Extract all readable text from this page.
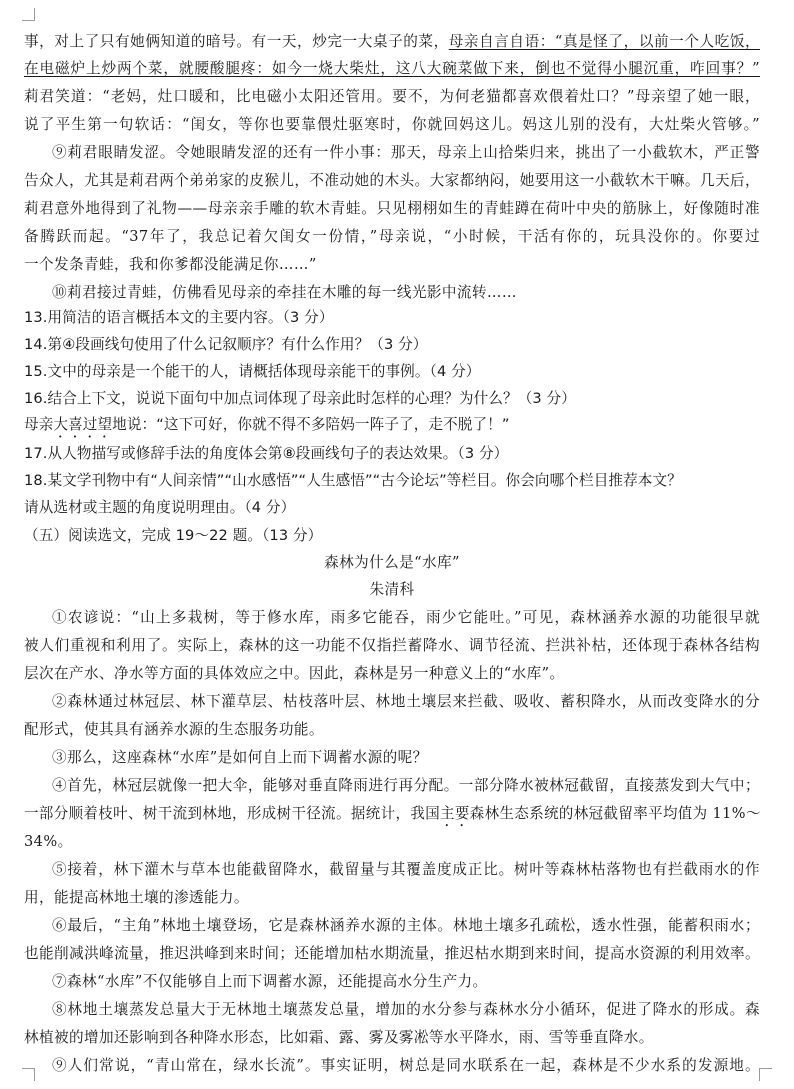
事，对上了只有她俩知道的暗号。有一天，炒完一大桌子的菜，母亲自言自语：“真是怪了，以前一个人吃饭，
在电磁炉上炒两个菜，就腰酸腿疼：如今一烧大柴灶，这八大碗菜做下来，倒也不觉得小腿沉重，咋回事？”
莉君笑道：“老妈，灶口暖和，比电磁小太阳还管用。要不，为何老猫都喜欢偎着灶口？”母亲望了她一眼，
说了平生第一句软话：“闺女，等你也要靠偎灶驱寒时，你就回妈这儿。妈这儿别的没有，大灶柴火管够。”
⑨莉君眼睛发涩。令她眼睛发涩的还有一件小事：那天，母亲上山拾柴归来，挑出了一小截软木，严正警
告众人，尤其是莉君两个弟弟家的皮猴儿，不准动她的木头。大家都纳闷，她要用这一小截软木干嘛。几天后，
莉君意外地得到了礼物——母亲亲手雕的软木青蛙。只见栩栩如生的青蛙蹲在荷叶中央的筋脉上，好像随时准
备腾跃而起。“37年了，我总记着欠闺女一份情，”母亲说，“小时候，干活有你的，玩具没你的。你要过
一个发条青蛙，我和你爹都没能满足你……”
⑩莉君接过青蛙，仿佛看见母亲的牵挂在木雕的每一线光影中流转……
13.用简洁的语言概括本文的主要内容。（3 分）
14.第④段画线句使用了什么记叙顺序？有什么作用？（3 分）
15.文中的母亲是一个能干的人，请概括体现母亲能干的事例。（4 分）
16.结合上下文，说说下面句中加点词体现了母亲此时怎样的心理？为什么？（3 分）
母亲大喜过望地说：“这下可好，你就不得不多陪妈一阵子了，走不脱了！”
17.从人物描写或修辞手法的角度体会第⑧段画线句子的表达效果。（3 分）
18.某文学刊物中有“人间亲情”“山水感悟”“人生感悟”“古今论坛”等栏目。你会向哪个栏目推荐本文？
请从选材或主题的角度说明理由。（4 分）
（五）阅读选文，完成 19～22 题。（13 分）
森林为什么是“水库”
朱清科
①农谚说：“山上多栽树，等于修水库，雨多它能吞，雨少它能吐。”可见，森林涵养水源的功能很早就
被人们重视和利用了。实际上，森林的这一功能不仅指拦蓄降水、调节径流、拦洪补枯，还体现于森林各结构
层次在产水、净水等方面的具体效应之中。因此，森林是另一种意义上的“水库”。
②森林通过林冠层、林下灌草层、枯枝落叶层、林地土壤层来拦截、吸收、蓄积降水，从而改变降水的分
配形式，使其具有涵养水源的生态服务功能。
③那么，这座森林“水库”是如何自上而下调蓄水源的呢？
④首先，林冠层就像一把大伞，能够对垂直降雨进行再分配。一部分降水被林冠截留，直接蒸发到大气中；
一部分顺着枝叶、树干流到林地，形成树干径流。据统计，我国主要森林生态系统的林冠截留率平均值为 11%～
34%。
⑤接着，林下灌木与草本也能截留降水，截留量与其覆盖度成正比。树叶等森林枯落物也有拦截雨水的作
用，能提高林地土壤的渗透能力。
⑥最后，“主角”林地土壤登场，它是森林涵养水源的主体。林地土壤多孔疏松，透水性强，能蓄积雨水；
也能削减洪峰流量，推迟洪峰到来时间；还能增加枯水期流量，推迟枯水期到来时间，提高水资源的利用效率。
⑦森林“水库”不仅能够自上而下调蓄水源，还能提高水分生产力。
⑧林地土壤蒸发总量大于无林地土壤蒸发总量，增加的水分参与森林水分小循环，促进了降水的形成。森
林植被的增加还影响到各种降水形态，比如霜、露、雾及雾凇等水平降水，雨、雪等垂直降水。
⑨人们常说，“青山常在，绿水长流”。事实证明，树总是同水联系在一起，森林是不少水系的发源地。
